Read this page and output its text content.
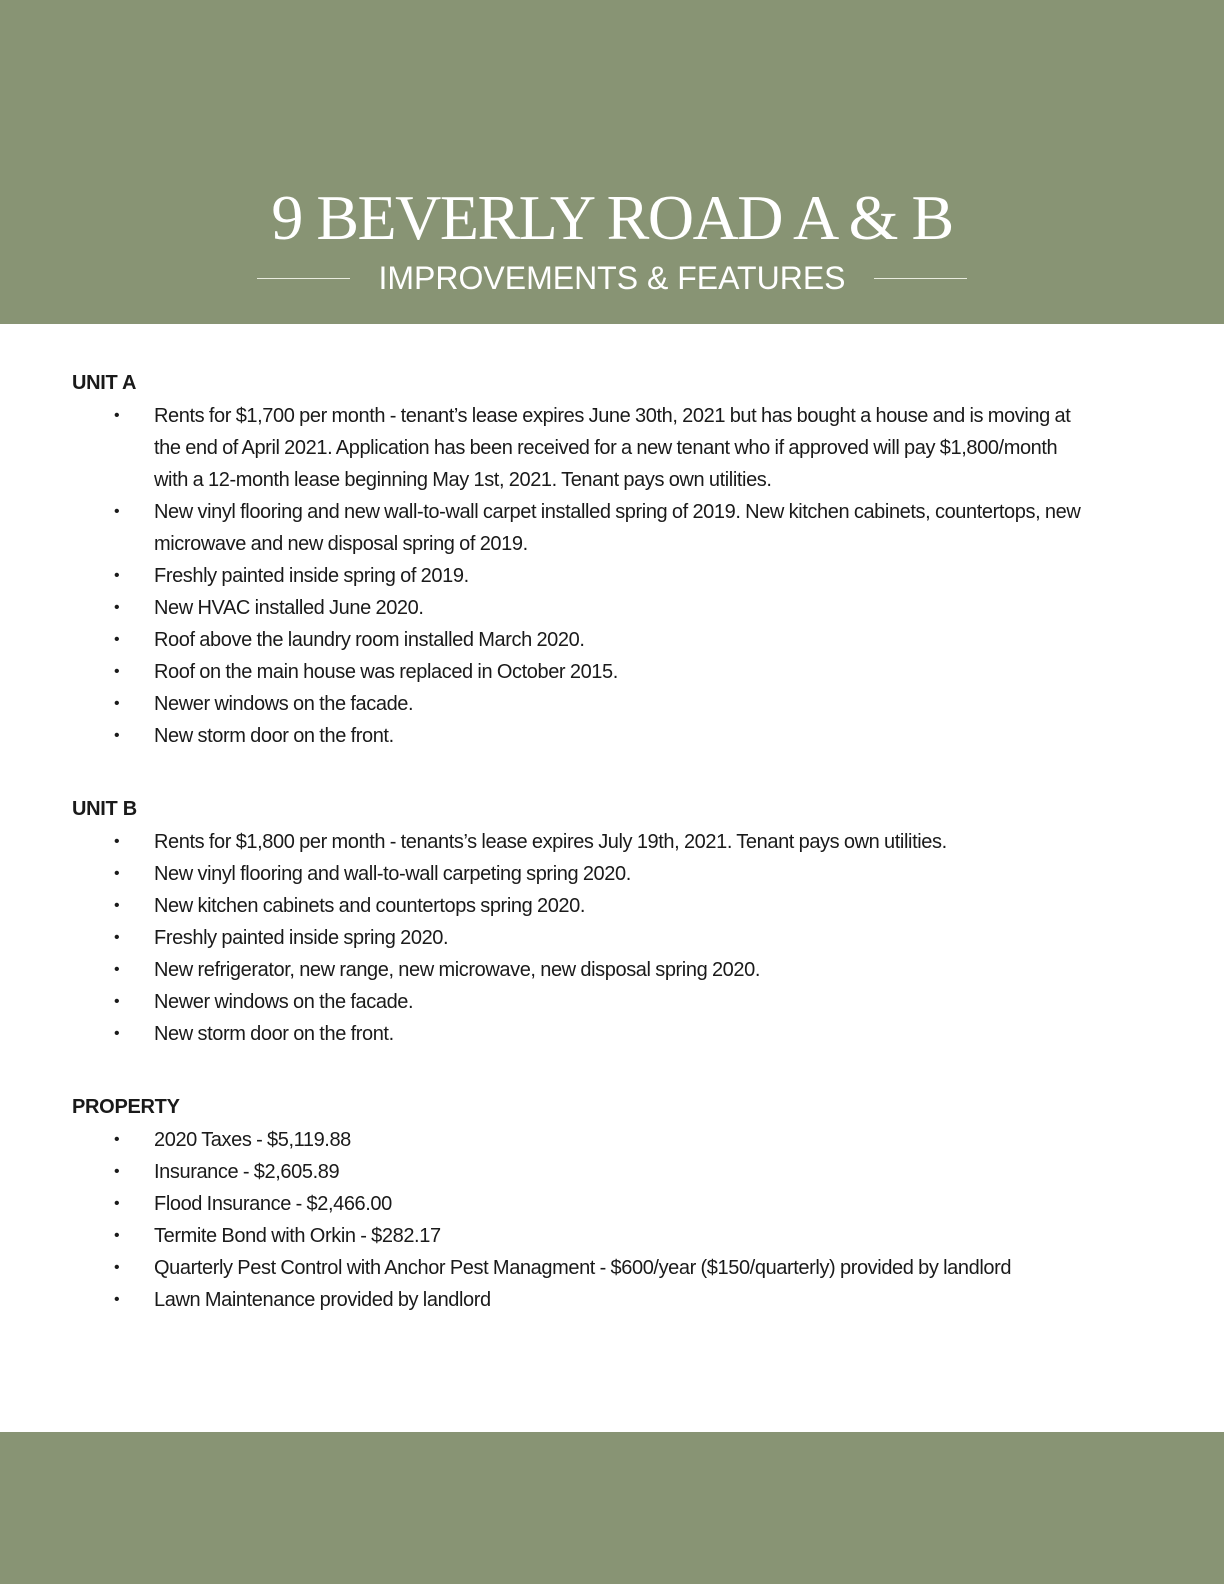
9 BEVERLY ROAD A & B
IMPROVEMENTS & FEATURES
UNIT A
• Rents for $1,700 per month - tenant’s lease expires June 30th, 2021 but has bought a house and is moving at the end of April 2021. Application has been received for a new tenant who if approved will pay $1,800/month with a 12-month lease beginning May 1st, 2021. Tenant pays own utilities.
• New vinyl flooring and new wall-to-wall carpet installed spring of 2019. New kitchen cabinets, countertops, new microwave and new disposal spring of 2019.
• Freshly painted inside spring of 2019.
• New HVAC installed June 2020.
• Roof above the laundry room installed March 2020.
• Roof on the main house was replaced in October 2015.
• Newer windows on the facade.
• New storm door on the front.
UNIT B
• Rents for $1,800 per month - tenants’s lease expires July 19th, 2021. Tenant pays own utilities.
• New vinyl flooring and wall-to-wall carpeting spring 2020.
• New kitchen cabinets and countertops spring 2020.
• Freshly painted inside spring 2020.
• New refrigerator, new range, new microwave, new disposal spring 2020.
• Newer windows on the facade.
• New storm door on the front.
PROPERTY
• 2020 Taxes - $5,119.88
• Insurance - $2,605.89
• Flood Insurance - $2,466.00
• Termite Bond with Orkin - $282.17
• Quarterly Pest Control with Anchor Pest Managment - $600/year ($150/quarterly) provided by landlord
• Lawn Maintenance provided by landlord
